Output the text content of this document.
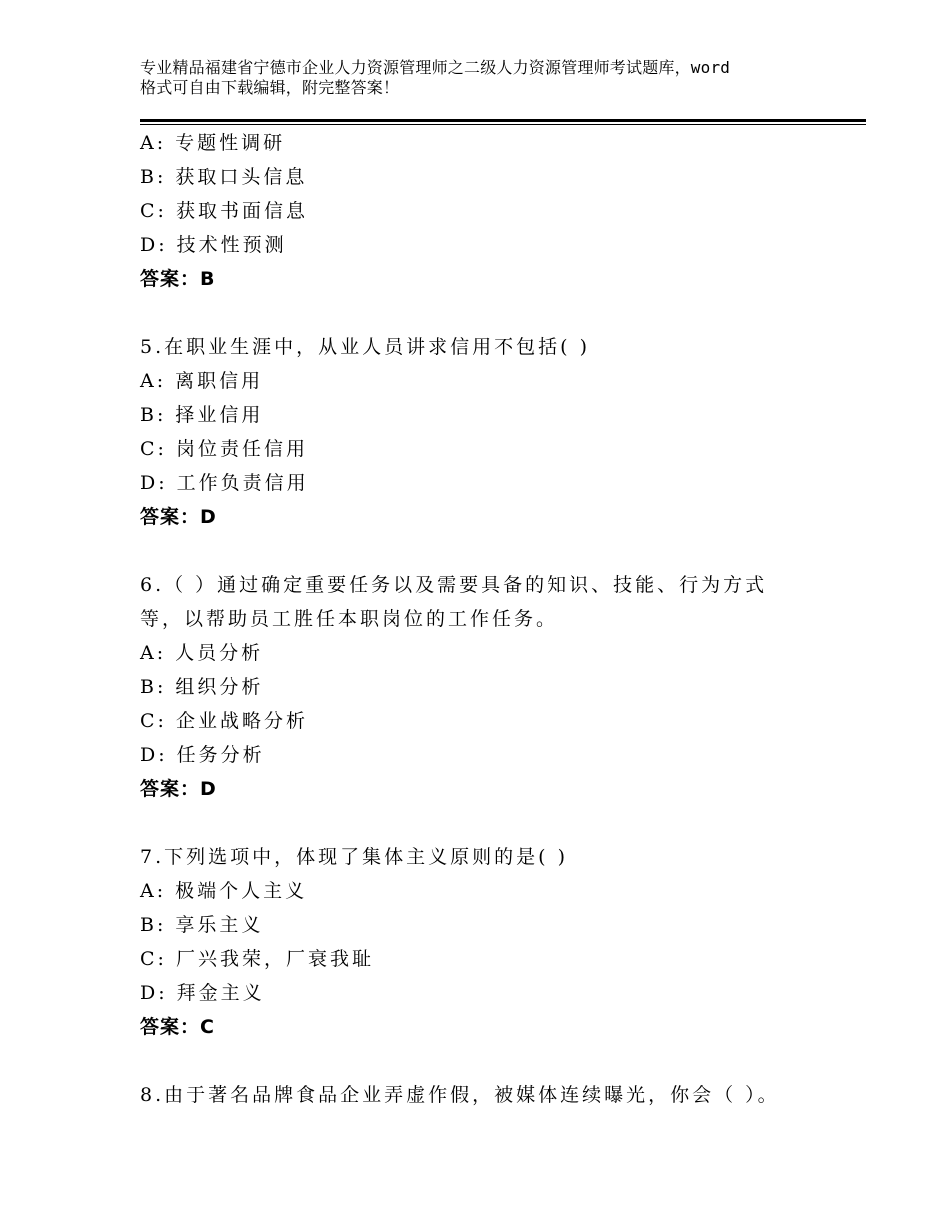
专业精品福建省宁德市企业人力资源管理师之二级人力资源管理师考试题库，word
格式可自由下载编辑，附完整答案！
A: 专题性调研
B: 获取口头信息
C: 获取书面信息
D: 技术性预测
答案：B
5.在职业生涯中，从业人员讲求信用不包括( )
A: 离职信用
B: 择业信用
C: 岗位责任信用
D: 工作负责信用
答案：D
6.（ ）通过确定重要任务以及需要具备的知识、技能、行为方式
等，以帮助员工胜任本职岗位的工作任务。
A: 人员分析
B: 组织分析
C: 企业战略分析
D: 任务分析
答案：D
7.下列选项中，体现了集体主义原则的是( )
A: 极端个人主义
B: 享乐主义
C: 厂兴我荣，厂衰我耻
D: 拜金主义
答案：C
8.由于著名品牌食品企业弄虚作假，被媒体连续曝光，你会（ ）。
